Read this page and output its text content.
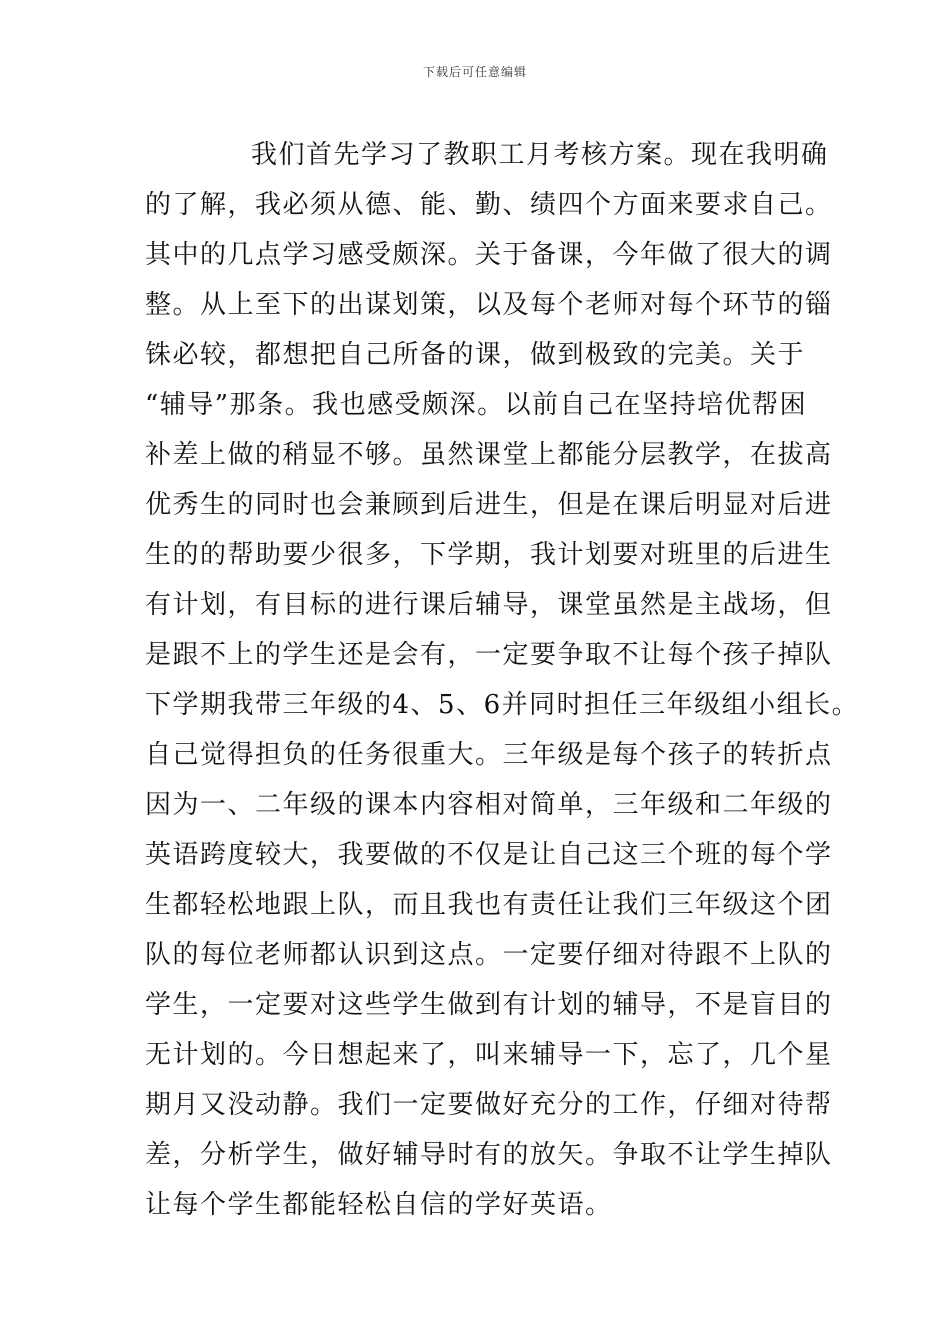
下载后可任意编辑
我们首先学习了教职工月考核方案。现在我明确
的了解，我必须从德、能、勤、绩四个方面来要求自己。
其中的几点学习感受颇深。关于备课，今年做了很大的调
整。从上至下的出谋划策，以及每个老师对每个环节的锱
铢必较，都想把自己所备的课，做到极致的完美。关于
“辅导”那条。我也感受颇深。以前自己在坚持培优帮困
补差上做的稍显不够。虽然课堂上都能分层教学，在拔高
优秀生的同时也会兼顾到后进生，但是在课后明显对后进
生的的帮助要少很多，下学期，我计划要对班里的后进生
有计划，有目标的进行课后辅导，课堂虽然是主战场，但
是跟不上的学生还是会有，一定要争取不让每个孩子掉队
下学期我带三年级的4、5、6并同时担任三年级组小组长。
自己觉得担负的任务很重大。三年级是每个孩子的转折点
因为一、二年级的课本内容相对简单，三年级和二年级的
英语跨度较大，我要做的不仅是让自己这三个班的每个学
生都轻松地跟上队，而且我也有责任让我们三年级这个团
队的每位老师都认识到这点。一定要仔细对待跟不上队的
学生，一定要对这些学生做到有计划的辅导，不是盲目的
无计划的。今日想起来了，叫来辅导一下，忘了，几个星
期月又没动静。我们一定要做好充分的工作，仔细对待帮
差，分析学生，做好辅导时有的放矢。争取不让学生掉队
让每个学生都能轻松自信的学好英语。
